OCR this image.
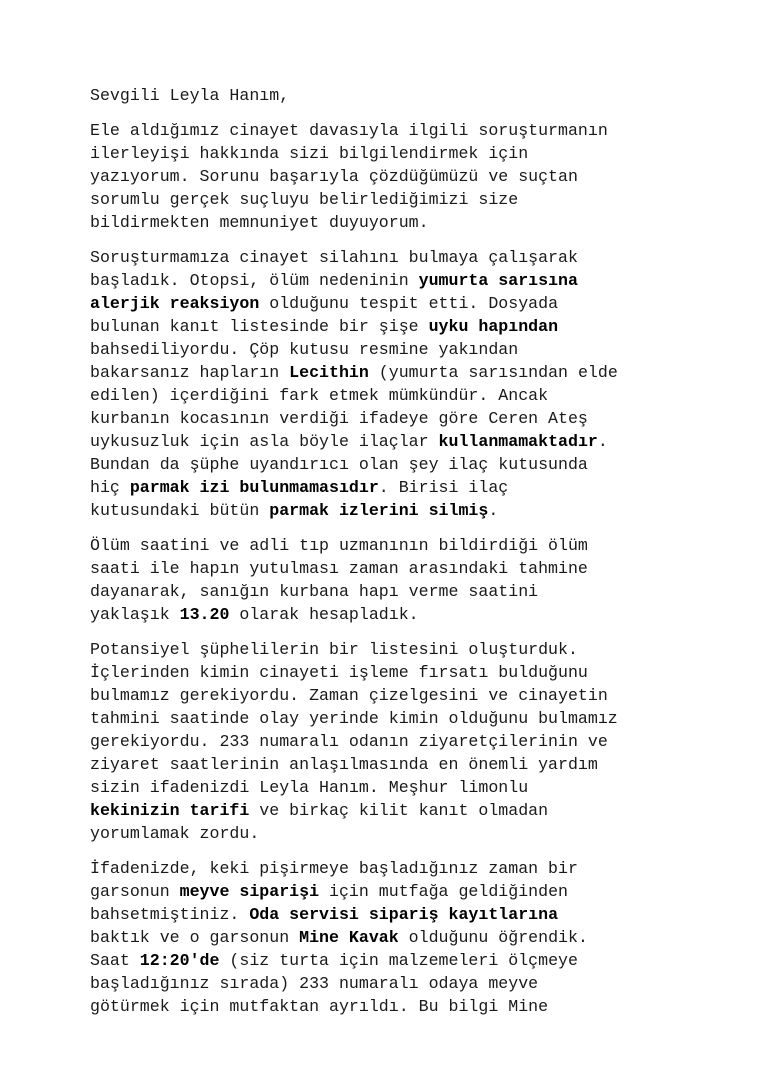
Sevgili Leyla Hanım,
Ele aldığımız cinayet davasıyla ilgili soruşturmanın
ilerleyişi hakkında sizi bilgilendirmek için
yazıyorum. Sorunu başarıyla çözdüğümüzü ve suçtan
sorumlu gerçek suçluyu belirlediğimizi size
bildirmekten memnuniyet duyuyorum.
Soruşturmamıza cinayet silahını bulmaya çalışarak
başladık. Otopsi, ölüm nedeninin yumurta sarısına
alerjik reaksiyon olduğunu tespit etti. Dosyada
bulunan kanıt listesinde bir şişe uyku hapından
bahsediliyordu. Çöp kutusu resmine yakından
bakarsanız hapların Lecithin (yumurta sarısından elde
edilen) içerdiğini fark etmek mümkündür. Ancak
kurbanın kocasının verdiği ifadeye göre Ceren Ateş
uykusuzluk için asla böyle ilaçlar kullanmamaktadır.
Bundan da şüphe uyandırıcı olan şey ilaç kutusunda
hiç parmak izi bulunmamasıdır. Birisi ilaç
kutusundaki bütün parmak izlerini silmiş.
Ölüm saatini ve adli tıp uzmanının bildirdiği ölüm
saati ile hapın yutulması zaman arasındaki tahmine
dayanarak, sanığın kurbana hapı verme saatini
yaklaşık 13.20 olarak hesapladık.
Potansiyel şüphelilerin bir listesini oluşturduk.
İçlerinden kimin cinayeti işleme fırsatı bulduğunu
bulmamız gerekiyordu. Zaman çizelgesini ve cinayetin
tahmini saatinde olay yerinde kimin olduğunu bulmamız
gerekiyordu. 233 numaralı odanın ziyaretçilerinin ve
ziyaret saatlerinin anlaşılmasında en önemli yardım
sizin ifadenizdi Leyla Hanım. Meşhur limonlu
kekinizin tarifi ve birkaç kilit kanıt olmadan
yorumlamak zordu.
İfadenizde, keki pişirmeye başladığınız zaman bir
garsonun meyve siparişi için mutfağa geldiğinden
bahsetmiştiniz. Oda servisi sipariş kayıtlarına
baktık ve o garsonun Mine Kavak olduğunu öğrendik.
Saat 12:20'de (siz turta için malzemeleri ölçmeye
başladığınız sırada) 233 numaralı odaya meyve
götürmek için mutfaktan ayrıldı. Bu bilgi Mine
